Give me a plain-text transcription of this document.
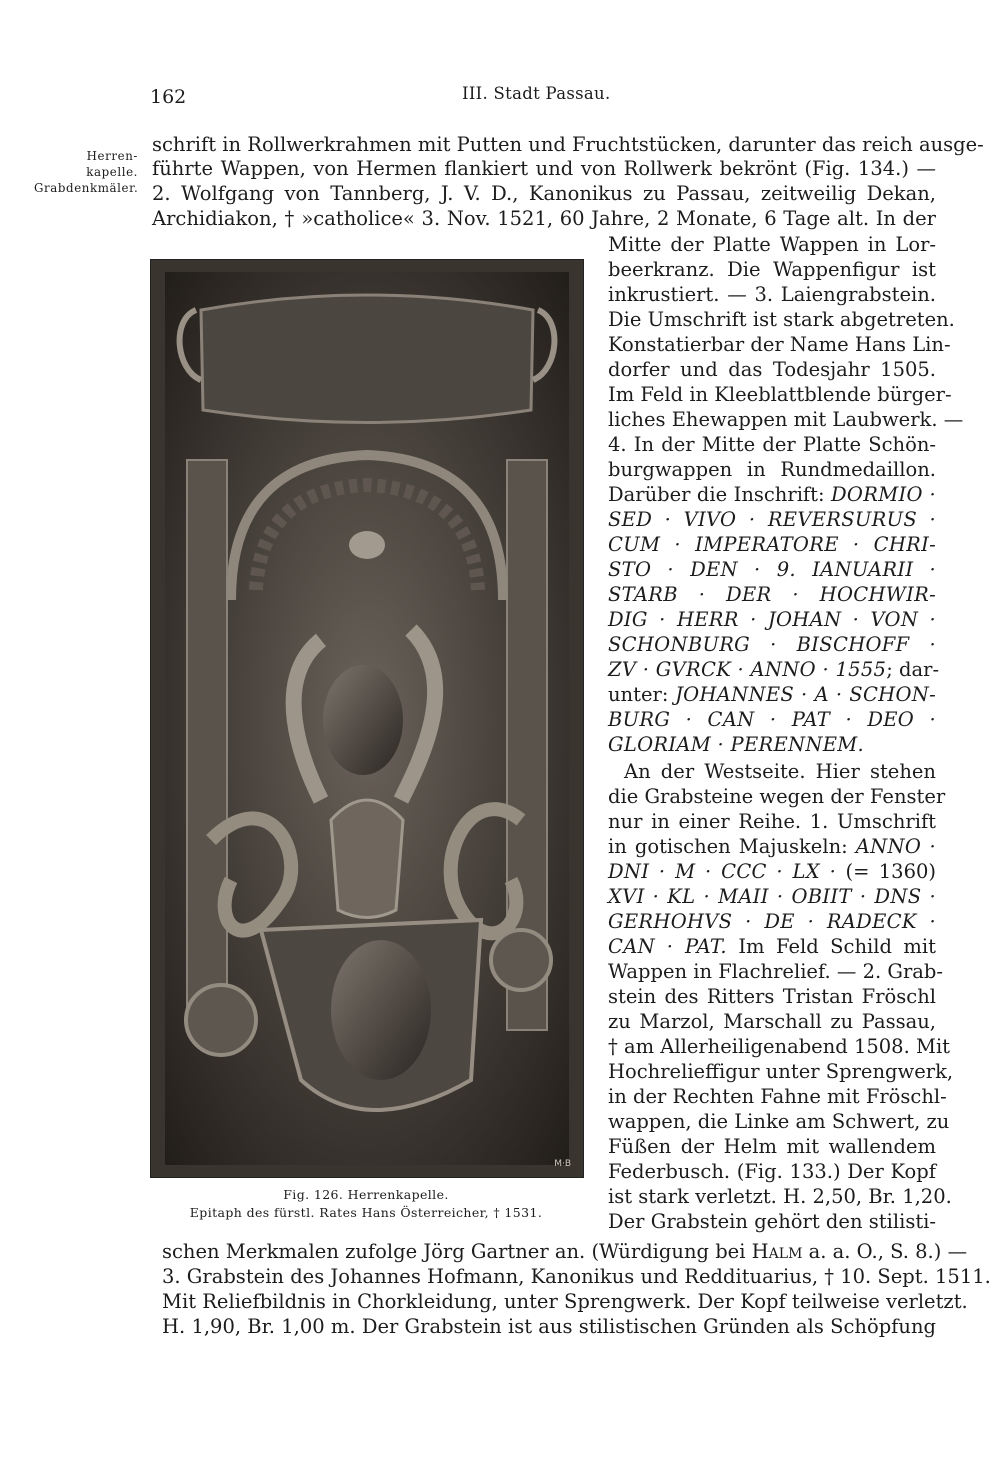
162	III. Stadt Passau.
Herren-
kapelle.
Grabdenkmäler.
schrift in Rollwerkrahmen mit Putten und Fruchtstücken, darunter das reich ausge-
führte Wappen, von Hermen flankiert und von Rollwerk bekrönt (Fig. 134.) —
2. Wolfgang von Tannberg, J. V. D., Kanonikus zu Passau, zeitweilig Dekan,
Archidiakon, † »catholice« 3. Nov. 1521, 60 Jahre, 2 Monate, 6 Tage alt. In der
M·B
Fig. 126. Herrenkapelle.
Epitaph des fürstl. Rates Hans Österreicher, † 1531.
Mitte der Platte Wappen in Lor-
beerkranz. Die Wappenfigur ist
inkrustiert. — 3. Laiengrabstein.
Die Umschrift ist stark abgetreten.
Konstatierbar der Name Hans Lin-
dorfer und das Todesjahr 1505.
Im Feld in Kleeblattblende bürger-
liches Ehewappen mit Laubwerk. —
4. In der Mitte der Platte Schön-
burgwappen in Rundmedaillon.
Darüber die Inschrift: DORMIO ·
SED · VIVO · REVERSURUS ·
CUM · IMPERATORE · CHRI-
STO · DEN · 9. IANUARII ·
STARB · DER · HOCHWIR-
DIG · HERR · JOHAN · VON ·
SCHONBURG · BISCHOFF ·
ZV · GVRCK · ANNO · 1555; dar-
unter: JOHANNES · A · SCHON-
BURG · CAN · PAT · DEO ·
GLORIAM · PERENNEM.
An der Westseite. Hier stehen
die Grabsteine wegen der Fenster
nur in einer Reihe. 1. Umschrift
in gotischen Majuskeln: ANNO ·
DNI · M · CCC · LX · (= 1360)
XVI · KL · MAII · OBIIT · DNS ·
GERHOHVS · DE · RADECK ·
CAN · PAT. Im Feld Schild mit
Wappen in Flachrelief. — 2. Grab-
stein des Ritters Tristan Fröschl
zu Marzol, Marschall zu Passau,
† am Allerheiligenabend 1508. Mit
Hochrelieffigur unter Sprengwerk,
in der Rechten Fahne mit Fröschl-
wappen, die Linke am Schwert, zu
Füßen der Helm mit wallendem
Federbusch. (Fig. 133.) Der Kopf
ist stark verletzt. H. 2,50, Br. 1,20.
Der Grabstein gehört den stilisti-
schen Merkmalen zufolge Jörg Gartner an. (Würdigung bei Halm a. a. O., S. 8.) —
3. Grabstein des Johannes Hofmann, Kanonikus und Reddituarius, † 10. Sept. 1511.
Mit Reliefbildnis in Chorkleidung, unter Sprengwerk. Der Kopf teilweise verletzt.
H. 1,90, Br. 1,00 m. Der Grabstein ist aus stilistischen Gründen als Schöpfung
